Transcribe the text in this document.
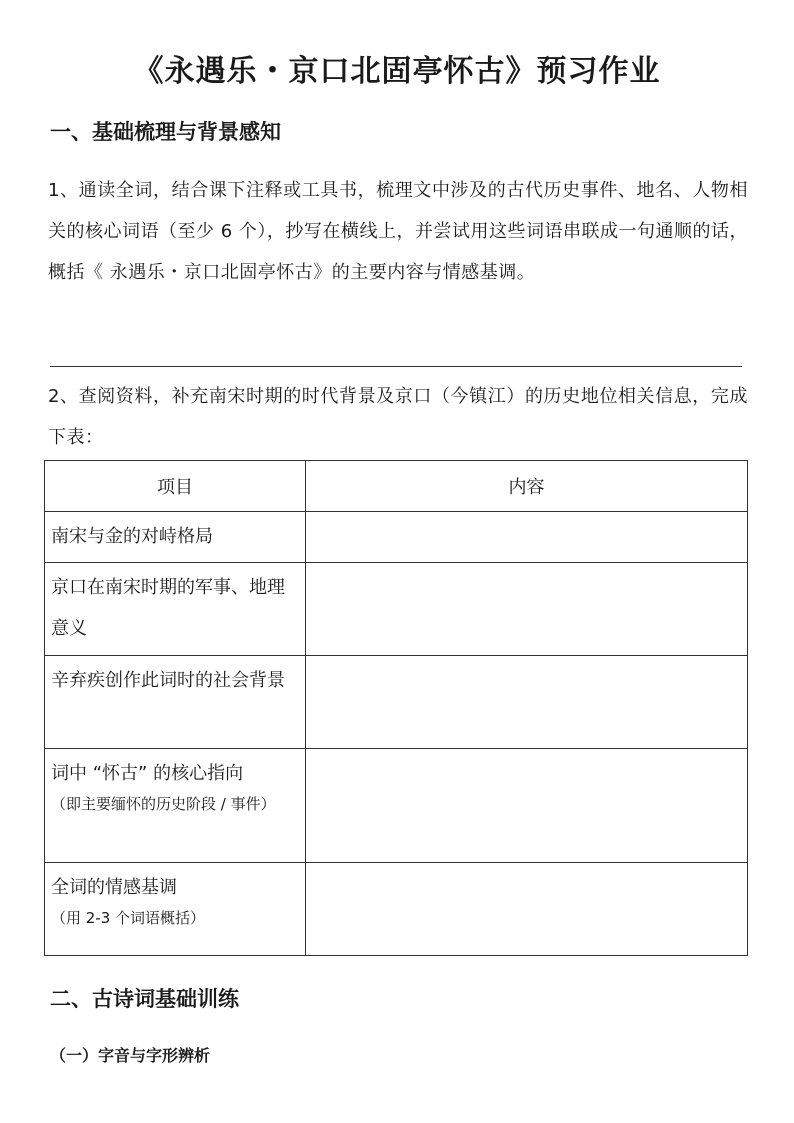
《永遇乐・京口北固亭怀古》预习作业
一、基础梳理与背景感知
1、通读全词，结合课下注释或工具书，梳理文中涉及的古代历史事件、地名、人物相关的核心词语（至少 6 个），抄写在横线上，并尝试用这些词语串联成一句通顺的话，概括《 永遇乐・京口北固亭怀古》的主要内容与情感基调。
2、查阅资料，补充南宋时期的时代背景及京口（今镇江）的历史地位相关信息，完成下表：
项目	内容

南宋与金的对峙格局	

京口在南宋时期的军事、地理意义	

辛弃疾创作此词时的社会背景	

词中 “怀古” 的核心指向
（即主要缅怀的历史阶段 / 事件）	

全词的情感基调
（用 2-3 个词语概括）	

二、古诗词基础训练
（一）字音与字形辨析
